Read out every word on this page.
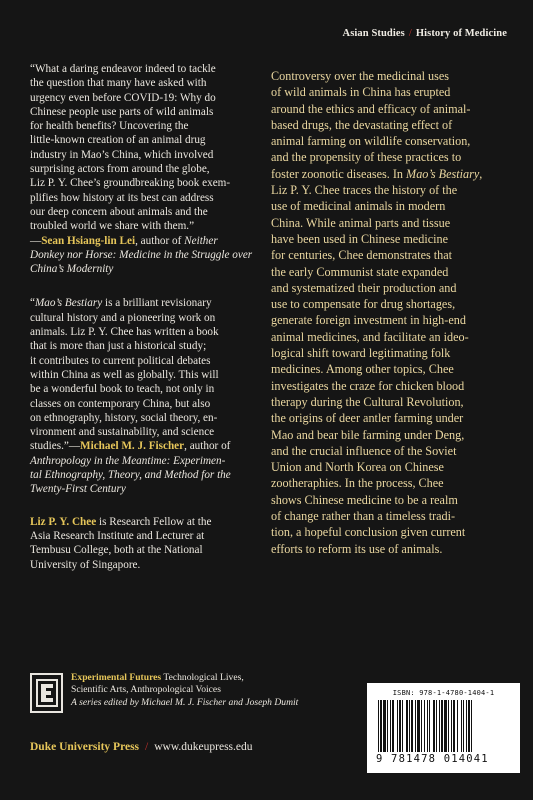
Asian Studies / History of Medicine

“What a daring endeavor indeed to tackle
the question that many have asked with
urgency even before COVID-19: Why do
Chinese people use parts of wild animals
for health benefits? Uncovering the
little-known creation of an animal drug
industry in Mao’s China, which involved
surprising actors from around the globe,
Liz P. Y. Chee’s groundbreaking book exem-
plifies how history at its best can address
our deep concern about animals and the
troubled world we share with them.”
—Sean Hsiang-lin Lei, author of Neither
Donkey nor Horse: Medicine in the Struggle over
China’s Modernity

“Mao’s Bestiary is a brilliant revisionary
cultural history and a pioneering work on
animals. Liz P. Y. Chee has written a book
that is more than just a historical study;
it contributes to current political debates
within China as well as globally. This will
be a wonderful book to teach, not only in
classes on contemporary China, but also
on ethnography, history, social theory, en-
vironment and sustainability, and science
studies.”—Michael M. J. Fischer, author of
Anthropology in the Meantime: Experimen-
tal Ethnography, Theory, and Method for the
Twenty-First Century

Liz P. Y. Chee is Research Fellow at the
Asia Research Institute and Lecturer at
Tembusu College, both at the National
University of Singapore.

Controversy over the medicinal uses
of wild animals in China has erupted
around the ethics and efficacy of animal-
based drugs, the devastating effect of
animal farming on wildlife conservation,
and the propensity of these practices to
foster zoonotic diseases. In Mao’s Bestiary,
Liz P. Y. Chee traces the history of the
use of medicinal animals in modern
China. While animal parts and tissue
have been used in Chinese medicine
for centuries, Chee demonstrates that
the early Communist state expanded
and systematized their production and
use to compensate for drug shortages,
generate foreign investment in high-end
animal medicines, and facilitate an ideo-
logical shift toward legitimating folk
medicines. Among other topics, Chee
investigates the craze for chicken blood
therapy during the Cultural Revolution,
the origins of deer antler farming under
Mao and bear bile farming under Deng,
and the crucial influence of the Soviet
Union and North Korea on Chinese
zootheraphies. In the process, Chee
shows Chinese medicine to be a realm
of change rather than a timeless tradi-
tion, a hopeful conclusion given current
efforts to reform its use of animals.
Experimental Futures Technological Lives,
Scientific Arts, Anthropological Voices
A series edited by Michael M. J. Fischer and Joseph Dumit
Duke University Press / www.dukeupress.edu
ISBN: 978-1-4780-1404-1
9 781478 014041
